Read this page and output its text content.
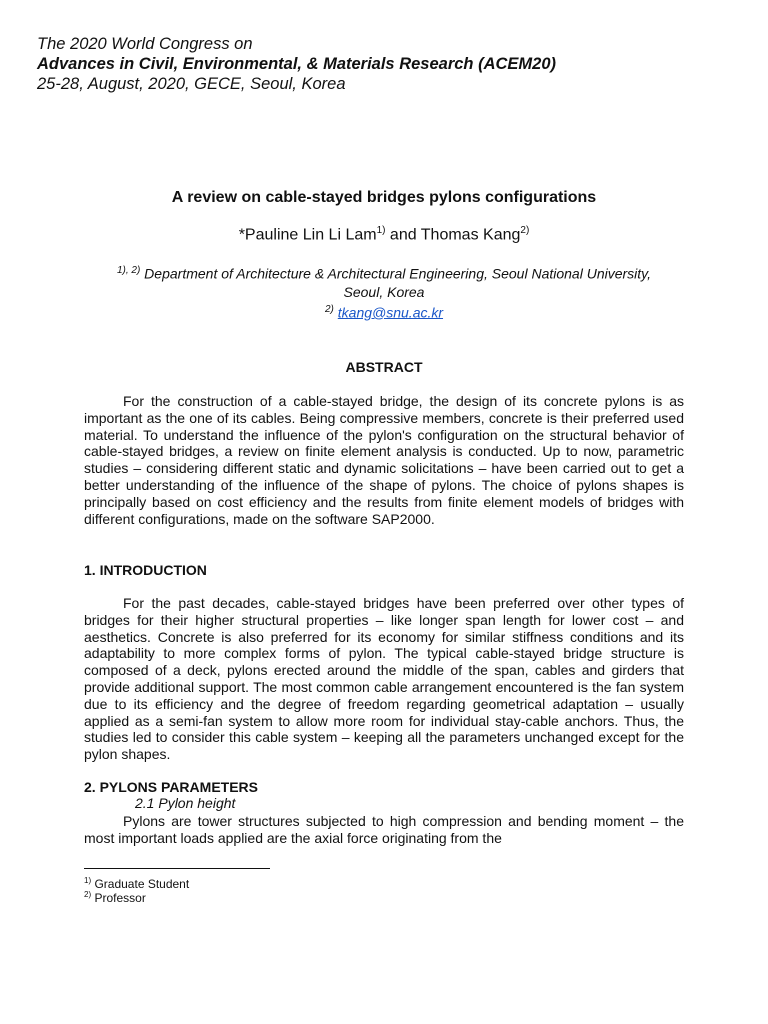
The 2020 World Congress on
Advances in Civil, Environmental, & Materials Research (ACEM20)
25-28, August, 2020, GECE, Seoul, Korea
A review on cable-stayed bridges pylons configurations
*Pauline Lin Li Lam$^{1)}$ and Thomas Kang$^{2)}$
$^{1), 2)}$ Department of Architecture & Architectural Engineering, Seoul National University,
Seoul, Korea
$^{2)}$ tkang@snu.ac.kr
ABSTRACT

For the construction of a cable-stayed bridge, the design of its concrete pylons is as important as the one of its cables. Being compressive members, concrete is their preferred used material. To understand the influence of the pylon's configuration on the structural behavior of cable-stayed bridges, a review on finite element analysis is conducted. Up to now, parametric studies – considering different static and dynamic solicitations – have been carried out to get a better understanding of the influence of the shape of pylons. The choice of pylons shapes is principally based on cost efficiency and the results from finite element models of bridges with different configurations, made on the software SAP2000.

1. INTRODUCTION

For the past decades, cable-stayed bridges have been preferred over other types of bridges for their higher structural properties – like longer span length for lower cost – and aesthetics. Concrete is also preferred for its economy for similar stiffness conditions and its adaptability to more complex forms of pylon. The typical cable-stayed bridge structure is composed of a deck, pylons erected around the middle of the span, cables and girders that provide additional support. The most common cable arrangement encountered is the fan system due to its efficiency and the degree of freedom regarding geometrical adaptation – usually applied as a semi-fan system to allow more room for individual stay-cable anchors. Thus, the studies led to consider this cable system – keeping all the parameters unchanged except for the pylon shapes.

2. PYLONS PARAMETERS
2.1 Pylon height

Pylons are tower structures subjected to high compression and bending moment – the most important loads applied are the axial force originating from the

$^{1)}$ Graduate Student
$^{2)}$ Professor
